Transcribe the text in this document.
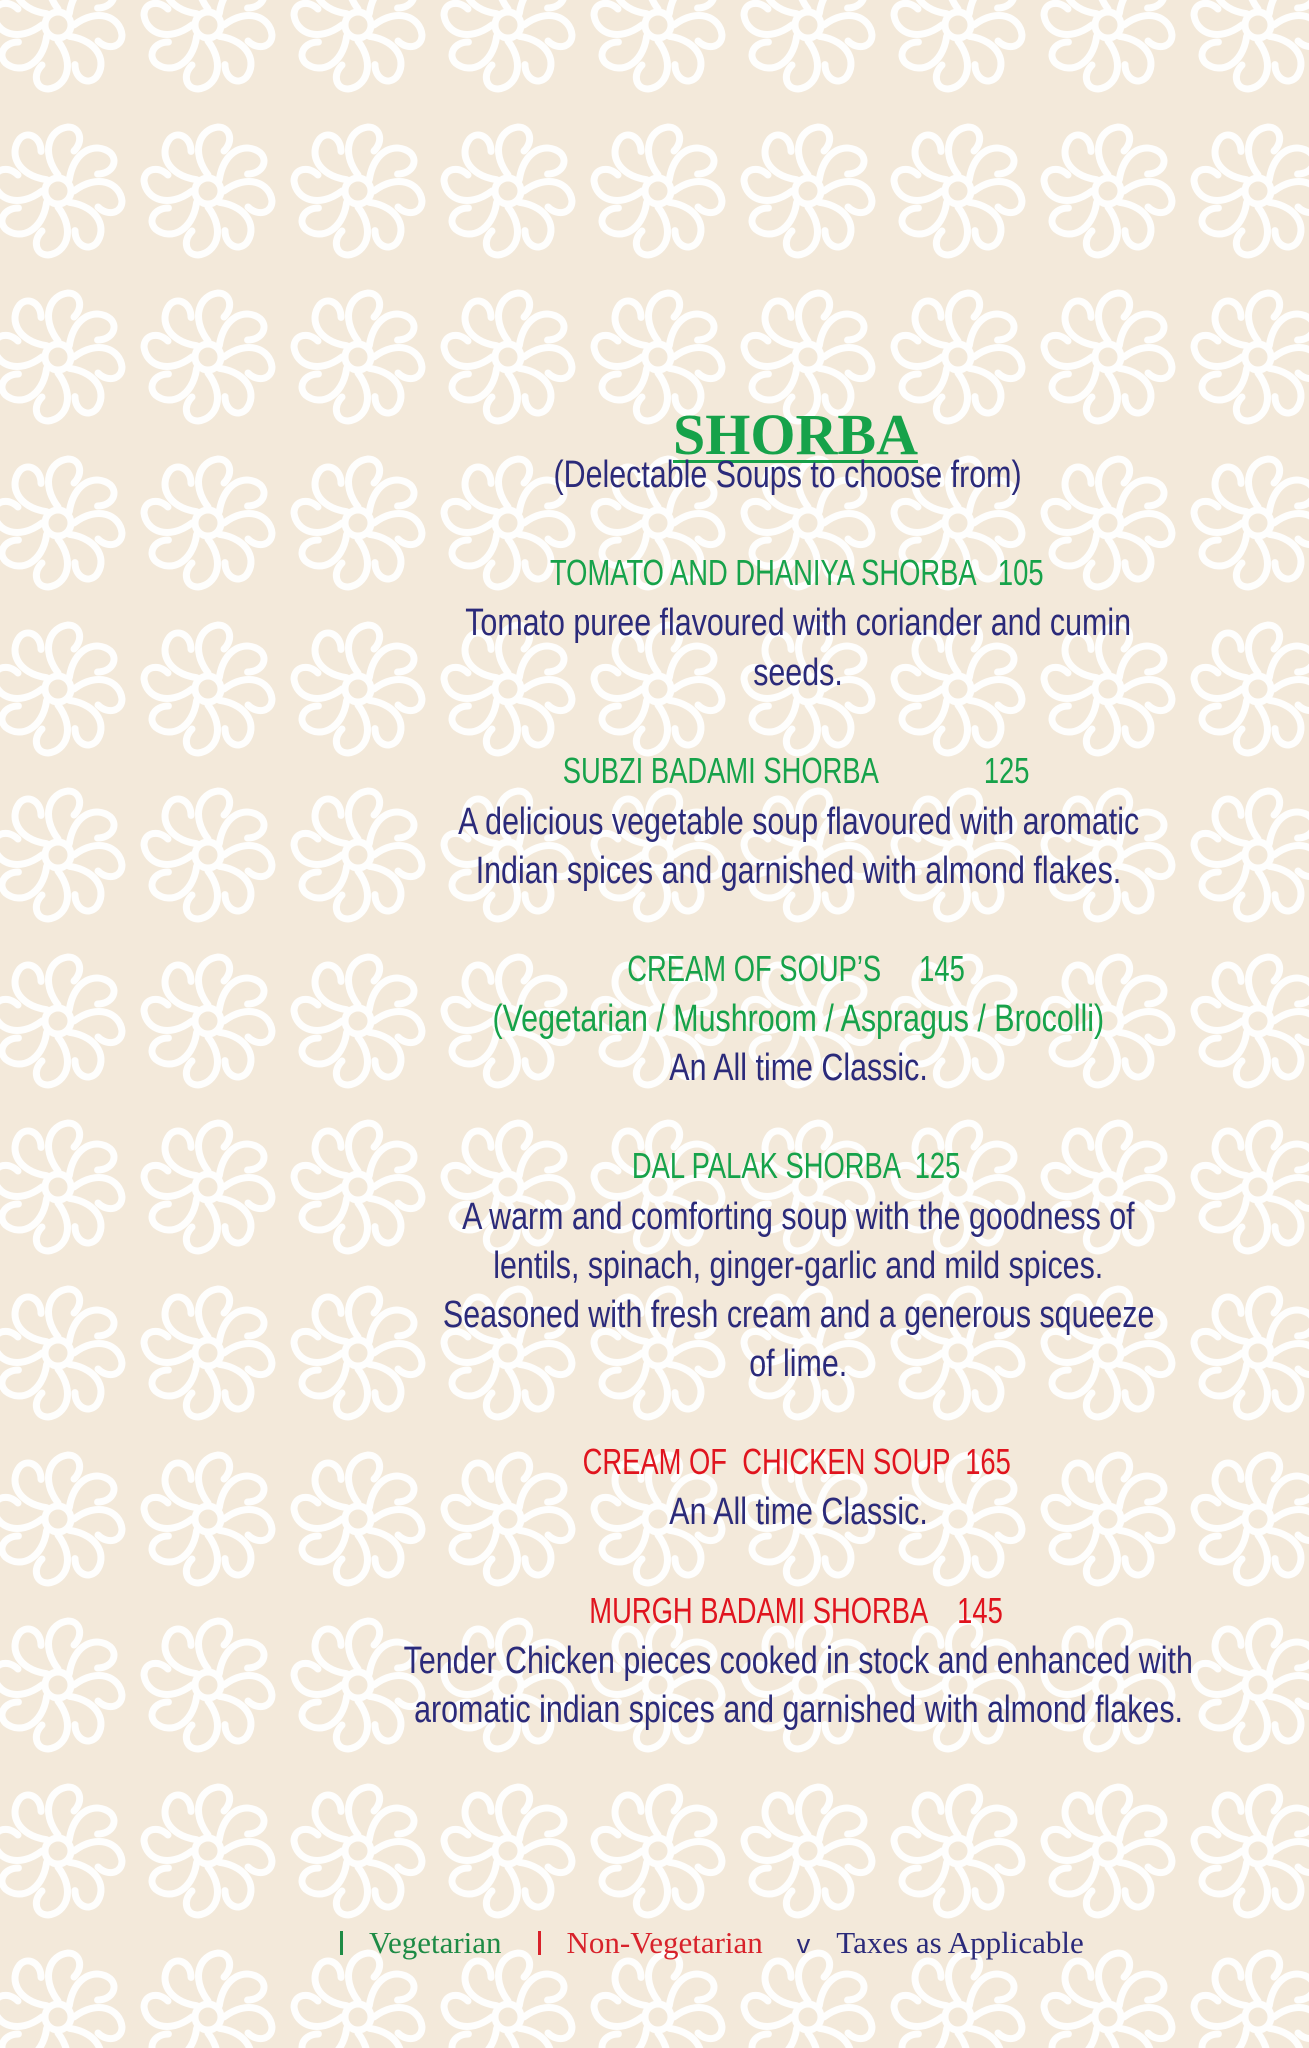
SHORBA

(Delectable Soups to choose from)

TOMATO AND DHANIYA SHORBA   105

Tomato puree flavoured with coriander and cumin

seeds.

SUBZI BADAMI SHORBA              125

A delicious vegetable soup flavoured with aromatic

Indian spices and garnished with almond flakes.

CREAM OF SOUP’S     145

(Vegetarian / Mushroom / Aspragus / Brocolli)

An All time Classic.

DAL PALAK SHORBA  125

A warm and comforting soup with the goodness of

lentils, spinach, ginger-garlic and mild spices.

Seasoned with fresh cream and a generous squeeze

of lime.

CREAM OF  CHICKEN SOUP  165

An All time Classic.

MURGH BADAMI SHORBA    145

Tender Chicken pieces cooked in stock and enhanced with

aromatic indian spices and garnished with almond flakes.

Vegetarian Non-Vegetarian v Taxes as Applicable
